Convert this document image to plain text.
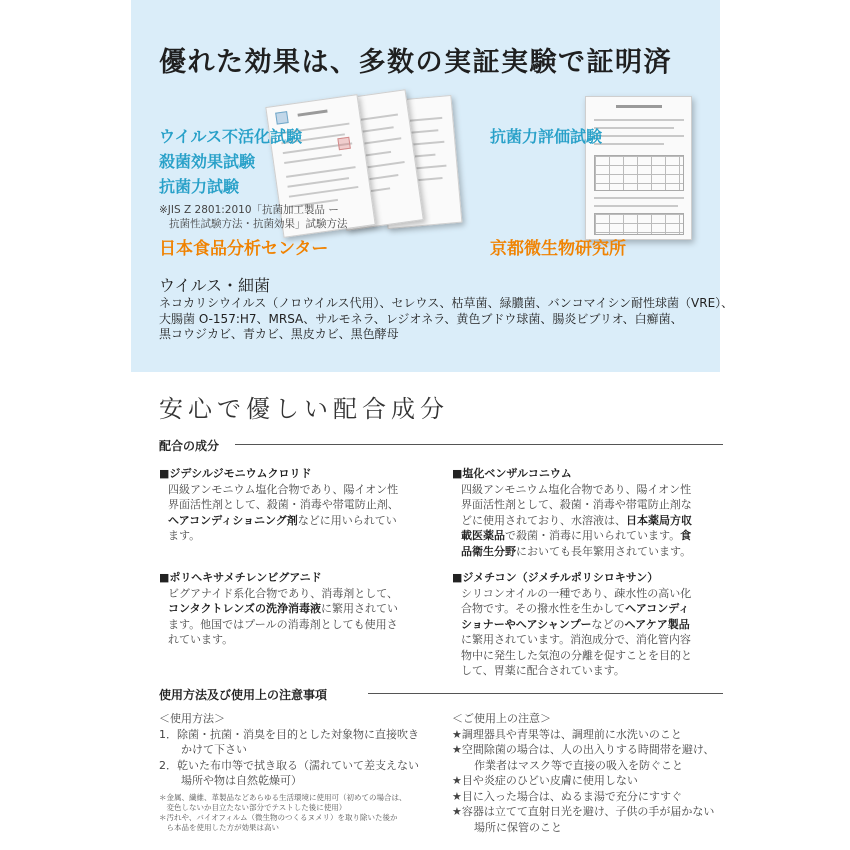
優れた効果は、多数の実証実験で証明済
ウイルス不活化試験
殺菌効果試験
抗菌力試験
※JIS Z 2801:2010「抗菌加工製品 ー
抗菌性試験方法・抗菌効果」試験方法
日本食品分析センター
抗菌力評価試験
京都微生物研究所
ウイルス・細菌
ネコカリシウイルス（ノロウイルス代用）、セレウス、枯草菌、緑膿菌、バンコマイシン耐性球菌（VRE）、
大腸菌 O-157:H7、MRSA、サルモネラ、レジオネラ、黄色ブドウ球菌、腸炎ビブリオ、白癬菌、
黒コウジカビ、青カビ、黒皮カビ、黒色酵母
安心で優しい配合成分
配合の成分
■ジデシルジモニウムクロリド
四級アンモニウム塩化合物であり、陽イオン性
界面活性剤として、殺菌・消毒や帯電防止剤、
ヘアコンディショニング剤などに用いられてい
ます。
■塩化ベンザルコニウム
四級アンモニウム塩化合物であり、陽イオン性
界面活性剤として、殺菌・消毒や帯電防止剤な
どに使用されており、水溶液は、日本薬局方収
載医薬品で殺菌・消毒に用いられています。食
品衛生分野においても長年繁用されています。
■ポリヘキサメチレンビグアニド
ビグアナイド系化合物であり、消毒剤として、
コンタクトレンズの洗浄消毒液に繁用されてい
ます。他国ではプールの消毒剤としても使用さ
れています。
■ジメチコン（ジメチルポリシロキサン）
シリコンオイルの一種であり、疎水性の高い化
合物です。その撥水性を生かしてヘアコンディ
ショナーやヘアシャンプーなどのヘアケア製品
に繁用されています。消泡成分で、消化管内容
物中に発生した気泡の分離を促すことを目的と
して、胃薬に配合されています。
使用方法及び使用上の注意事項
＜使用方法＞
1．除菌・抗菌・消臭を目的とした対象物に直接吹き
かけて下さい
2．乾いた布巾等で拭き取る（濡れていて差支えない
場所や物は自然乾燥可）
＊金属、繊維、革製品などあらゆる生活環境に使用可（初めての場合は、
　変色しないか目立たない部分でテストした後に使用）
＊汚れや、バイオフィルム（微生物のつくるヌメリ）を取り除いた後か
　ら本品を使用した方が効果は高い
＜ご使用上の注意＞
★調理器具や青果等は、調理前に水洗いのこと
★空間除菌の場合は、人の出入りする時間帯を避け、
作業者はマスク等で直接の吸入を防ぐこと
★目や炎症のひどい皮膚に使用しない
★目に入った場合は、ぬるま湯で充分にすすぐ
★容器は立てて直射日光を避け、子供の手が届かない
場所に保管のこと
